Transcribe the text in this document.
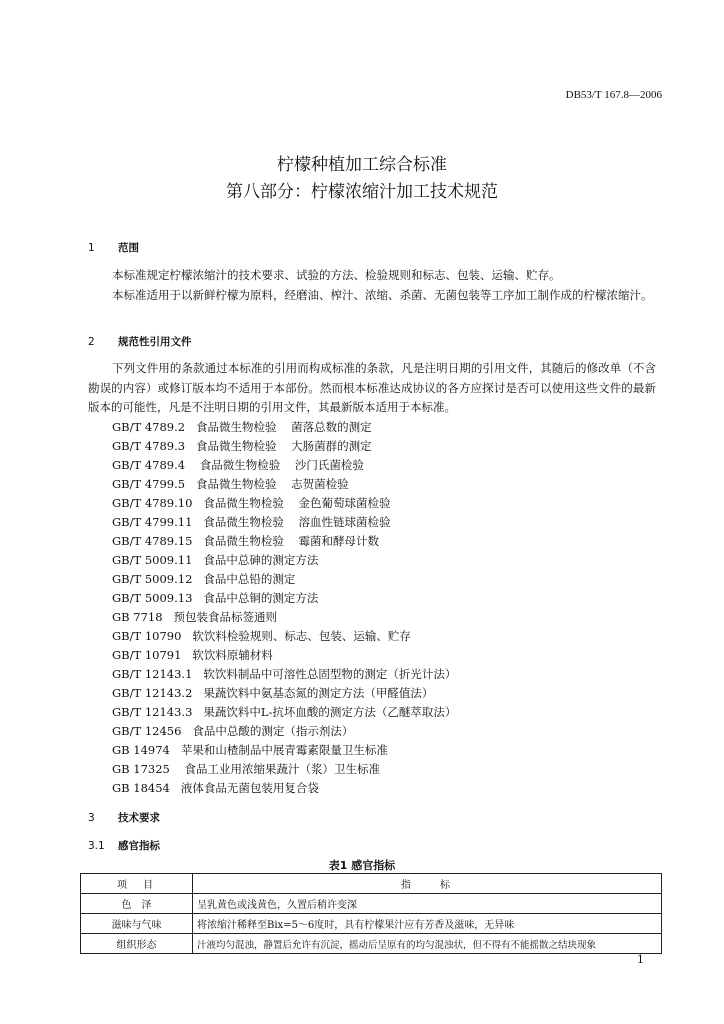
DB53/T 167.8—2006
柠檬种植加工综合标准
第八部分：柠檬浓缩汁加工技术规范
1 范围

本标准规定柠檬浓缩汁的技术要求、试验的方法、检验规则和标志、包装、运输、贮存。

本标准适用于以新鲜柠檬为原料，经磨油、榨汁、浓缩、杀菌、无菌包装等工序加工制作成的柠檬浓缩汁。

2 规范性引用文件

下列文件用的条款通过本标准的引用而构成标准的条款，凡是注明日期的引用文件，其随后的修改单（不含勘误的内容）或修订版本均不适用于本部份。然而根本标准达成协议的各方应探讨是否可以使用这些文件的最新版本的可能性，凡是不注明日期的引用文件，其最新版本适用于本标准。

GB/T 4789.2   食品微生物检验    菌落总数的测定
GB/T 4789.3   食品微生物检验    大肠菌群的测定
GB/T 4789.4    食品微生物检验    沙门氏菌检验
GB/T 4799.5   食品微生物检验    志贺菌检验
GB/T 4789.10   食品微生物检验    金色葡萄球菌检验
GB/T 4799.11   食品微生物检验    溶血性链球菌检验
GB/T 4789.15   食品微生物检验    霉菌和酵母计数
GB/T 5009.11   食品中总砷的测定方法
GB/T 5009.12   食品中总铅的测定
GB/T 5009.13   食品中总铜的测定方法
GB 7718   预包装食品标签通则
GB/T 10790   软饮料检验规则、标志、包装、运输、贮存
GB/T 10791   软饮料原辅材料
GB/T 12143.1   软饮料制品中可溶性总固型物的测定（折光计法）
GB/T 12143.2   果蔬饮料中氨基态氮的测定方法（甲醛值法）
GB/T 12143.3   果蔬饮料中L-抗坏血酸的测定方法（乙醚萃取法）
GB/T 12456   食品中总酸的测定（指示剂法）
GB 14974   苹果和山楂制品中展青霉素限量卫生标准
GB 17325    食品工业用浓缩果蔬汁（浆）卫生标准
GB 18454   液体食品无菌包装用复合袋
3 技术要求
3.1 感官指标
表1 感官指标
项　目	指　　标
色　泽	呈乳黄色或浅黄色，久置后稍许变深
滋味与气味	将浓缩汁稀释至Bix=5～6度时，具有柠檬果汁应有芳香及滋味，无异味
组织形态	汁液均匀混浊，静置后允许有沉淀，摇动后呈原有的均匀混浊状，但不得有不能摇散之结块现象
1
